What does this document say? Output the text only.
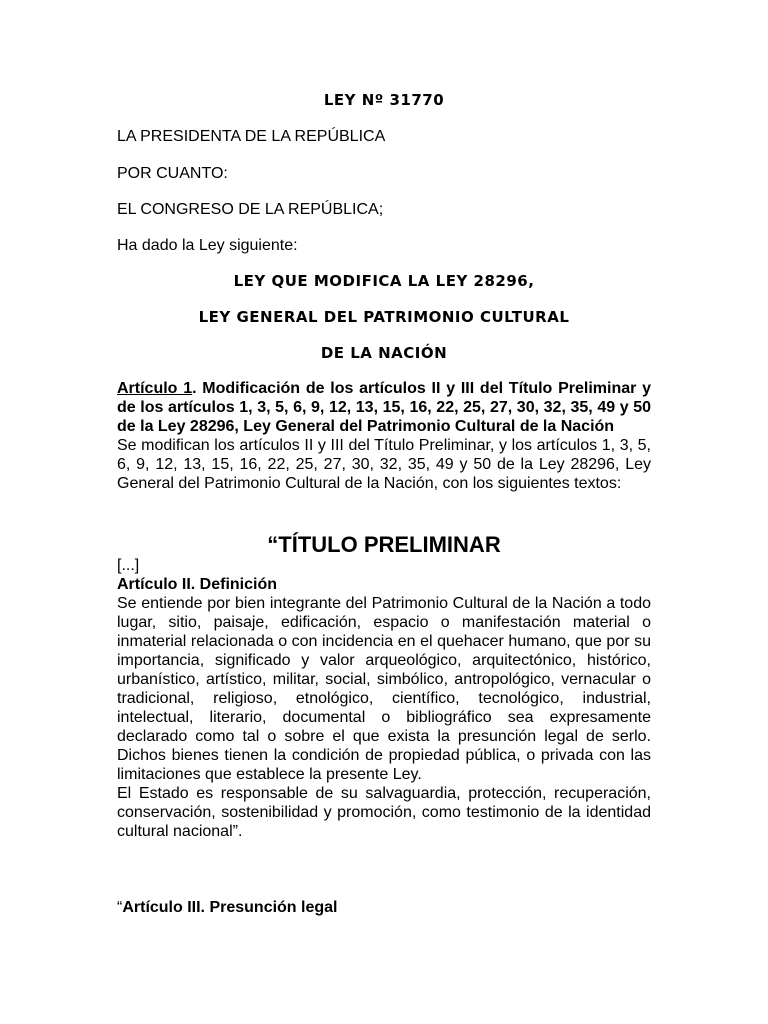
LEY Nº 31770
LA PRESIDENTA DE LA REPÚBLICA
POR CUANTO:
EL CONGRESO DE LA REPÚBLICA;
Ha dado la Ley siguiente:
LEY QUE MODIFICA LA LEY 28296,
LEY GENERAL DEL PATRIMONIO CULTURAL
DE LA NACIÓN

Artículo 1. Modificación de los artículos II y III del Título Preliminar y de los artículos 1, 3, 5, 6, 9, 12, 13, 15, 16, 22, 25, 27, 30, 32, 35, 49 y 50 de la Ley 28296, Ley General del Patrimonio Cultural de la Nación

Se modifican los artículos II y III del Título Preliminar, y los artículos 1, 3, 5, 6, 9, 12, 13, 15, 16, 22, 25, 27, 30, 32, 35, 49 y 50 de la Ley 28296, Ley General del Patrimonio Cultural de la Nación, con los siguientes textos:

“TÍTULO PRELIMINAR

[...]

Artículo II. Definición

Se entiende por bien integrante del Patrimonio Cultural de la Nación a todo lugar, sitio, paisaje, edificación, espacio o manifestación material o inmaterial relacionada o con incidencia en el quehacer humano, que por su importancia, significado y valor arqueológico, arquitectónico, histórico, urbanístico, artístico, militar, social, simbólico, antropológico, vernacular o tradicional, religioso, etnológico, científico, tecnológico, industrial, intelectual, literario, documental o bibliográfico sea expresamente declarado como tal o sobre el que exista la presunción legal de serlo. Dichos bienes tienen la condición de propiedad pública, o privada con las limitaciones que establece la presente Ley.

El Estado es responsable de su salvaguardia, protección, recuperación, conservación, sostenibilidad y promoción, como testimonio de la identidad cultural nacional”.

“Artículo III. Presunción legal
